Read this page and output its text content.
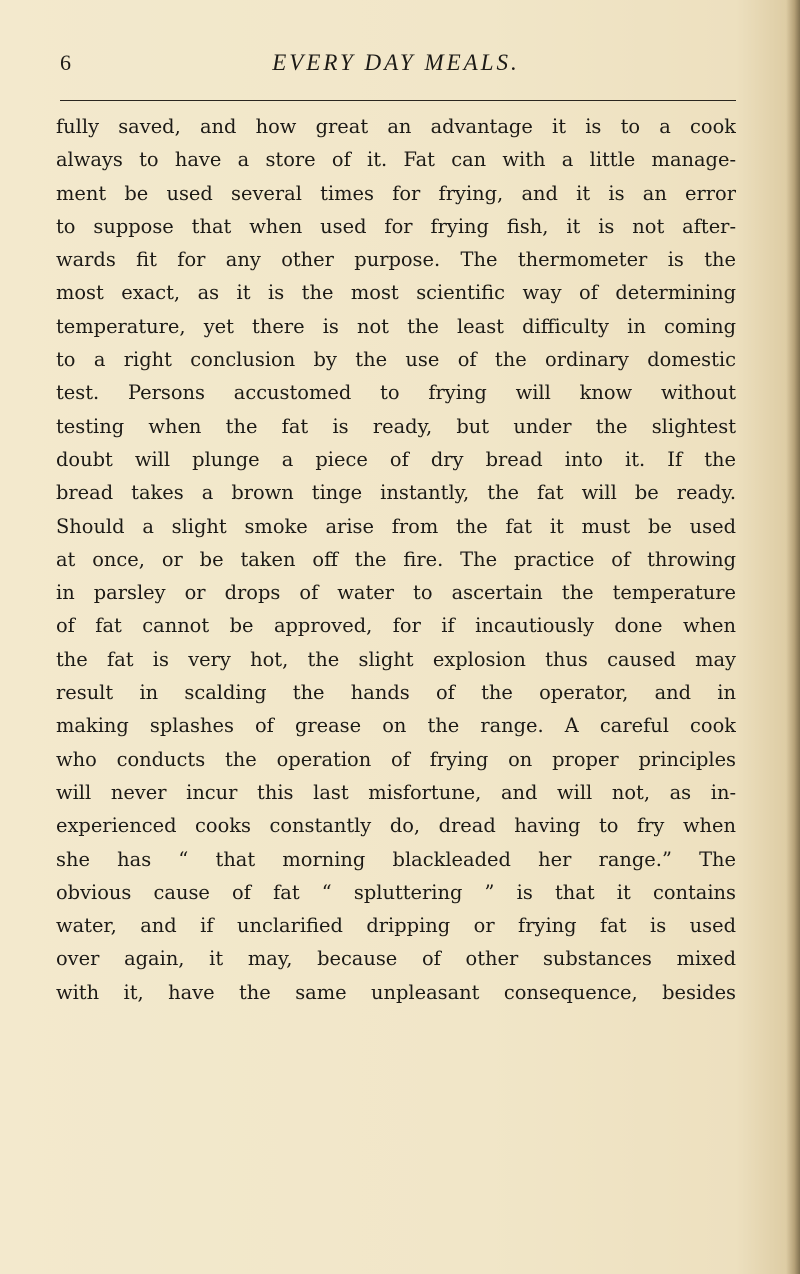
6	EVERY DAY MEALS.
fully saved, and how great an advantage it is to a cook
always to have a store of it. Fat can with a little manage-
ment be used several times for frying, and it is an error
to suppose that when used for frying fish, it is not after-
wards fit for any other purpose. The thermometer is the
most exact, as it is the most scientific way of determining
temperature, yet there is not the least difficulty in coming
to a right conclusion by the use of the ordinary domestic
test. Persons accustomed to frying will know without
testing when the fat is ready, but under the slightest
doubt will plunge a piece of dry bread into it. If the
bread takes a brown tinge instantly, the fat will be ready.
Should a slight smoke arise from the fat it must be used
at once, or be taken off the fire. The practice of throwing
in parsley or drops of water to ascertain the temperature
of fat cannot be approved, for if incautiously done when
the fat is very hot, the slight explosion thus caused may
result in scalding the hands of the operator, and in
making splashes of grease on the range. A careful cook
who conducts the operation of frying on proper principles
will never incur this last misfortune, and will not, as in-
experienced cooks constantly do, dread having to fry when
she has “ that morning blackleaded her range.” The
obvious cause of fat “ spluttering ” is that it contains
water, and if unclarified dripping or frying fat is used
over again, it may, because of other substances mixed
with it, have the same unpleasant consequence, besides
